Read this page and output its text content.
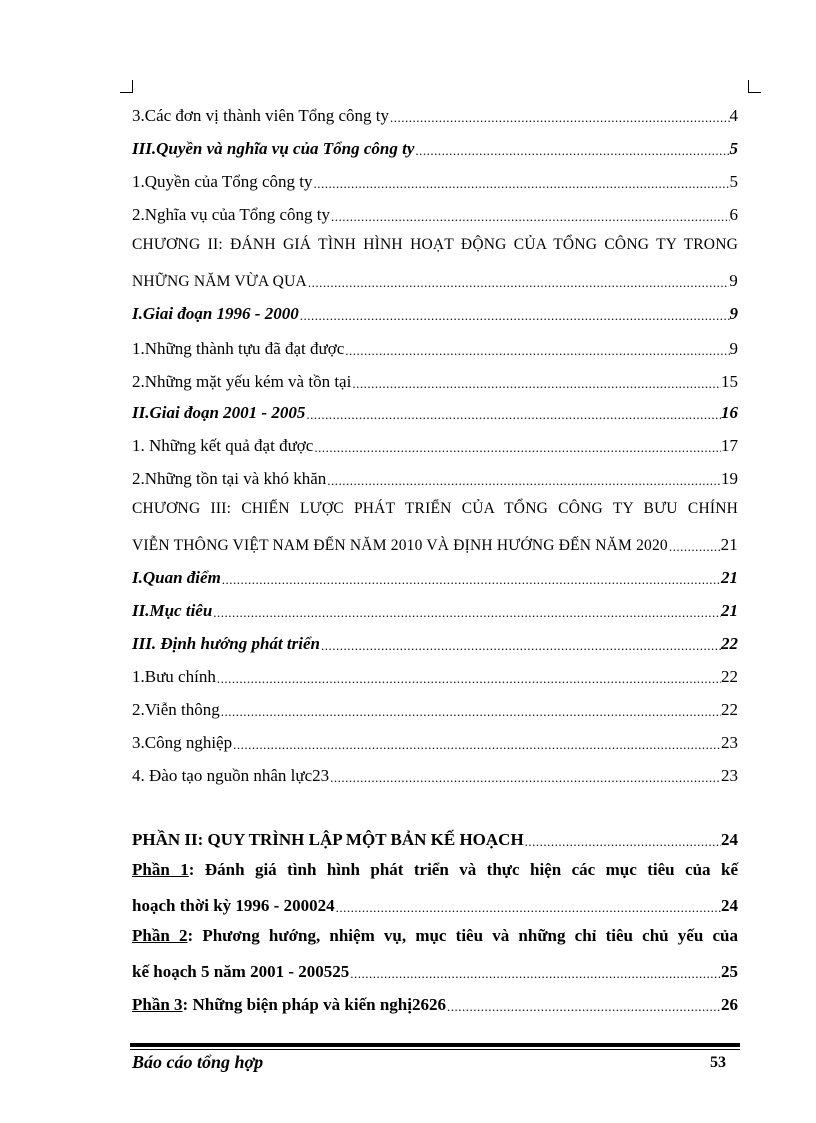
3.Các đơn vị thành viên Tổng công ty .....	4
III.Quyền và nghĩa vụ của Tổng công ty .....	5
1.Quyền của Tổng công ty .....	5
2.Nghĩa vụ của Tổng công ty .....	6
CHƯƠNG II: ĐÁNH GIÁ TÌNH HÌNH HOẠT ĐỘNG CỦA TỔNG CÔNG TY TRONG
NHỮNG NĂM VỪA QUA .....	9
I.Giai đoạn 1996 - 2000 .....	9
1. Những thành tựu đã đạt được .....	9
2. Những mặt yếu kém và tồn tại .....	15
II.Giai đoạn 2001 - 2005 .....	16
1. Những kết quả đạt được .....	17
2.Những tồn tại và khó khăn .....	19
CHƯƠNG III: CHIẾN LƯỢC PHÁT TRIỂN CỦA TỔNG CÔNG TY BƯU CHÍNH
VIỄN THÔNG VIỆT NAM ĐẾN NĂM 2010 VÀ ĐỊNH HƯỚNG ĐẾN NĂM 2020 .....	21
I.Quan điểm .....	21
II.Mục tiêu .....	21
III. Định hướng phát triển .....	22
1.Bưu chính .....	22
2.Viễn thông .....	22
3.Công nghiệp .....	23
4. Đào tạo nguồn nhân lực23 .....	23
PHẦN II: QUY TRÌNH LẬP MỘT BẢN KẾ HOẠCH .....	24
Phần 1: Đánh giá tình hình phát triển và thực hiện các mục tiêu của kế
hoạch thời kỳ 1996 - 200024 .....	24
Phần 2: Phương hướng, nhiệm vụ, mục tiêu và những chỉ tiêu chủ yếu của
kế hoạch 5 năm 2001 - 200525 .....	25
Phần 3: Những biện pháp và kiến nghị2626 .....	26
Báo cáo tổng hợp	53
